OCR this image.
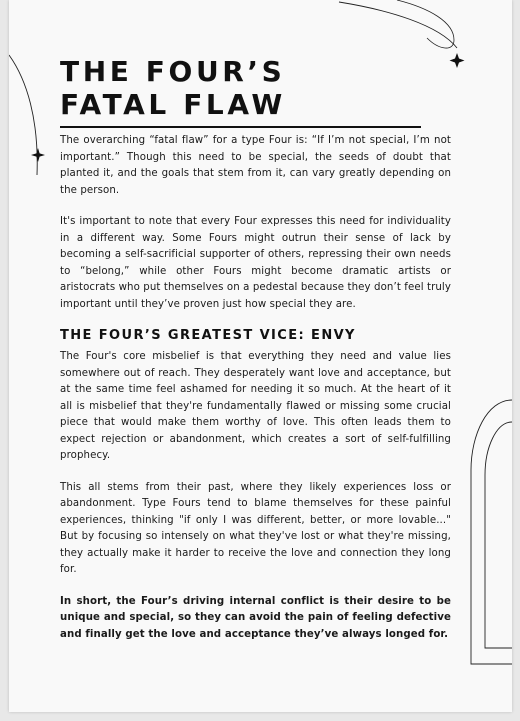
THE FOUR’S
FATAL FLAW

The overarching “fatal flaw” for a type Four is: “If I’m not special, I’m not important.” Though this need to be special, the seeds of doubt that planted it, and the goals that stem from it, can vary greatly depending on the person.

It's important to note that every Four expresses this need for individuality in a different way. Some Fours might outrun their sense of lack by becoming a self-sacrificial supporter of others, repressing their own needs to “belong,” while other Fours might become dramatic artists or aristocrats who put themselves on a pedestal because they don’t feel truly important until they’ve proven just how special they are.

THE FOUR’S GREATEST VICE: ENVY

The Four's core misbelief is that everything they need and value lies somewhere out of reach. They desperately want love and acceptance, but at the same time feel ashamed for needing it so much. At the heart of it all is misbelief that they're fundamentally flawed or missing some crucial piece that would make them worthy of love. This often leads them to expect rejection or abandonment, which creates a sort of self-fulfilling prophecy.

This all stems from their past, where they likely experiences loss or abandonment. Type Fours tend to blame themselves for these painful experiences, thinking "if only I was different, better, or more lovable..." But by focusing so intensely on what they've lost or what they're missing, they actually make it harder to receive the love and connection they long for.

In short, the Four’s driving internal conflict is their desire to be unique and special, so they can avoid the pain of feeling defective and finally get the love and acceptance they’ve always longed for.
